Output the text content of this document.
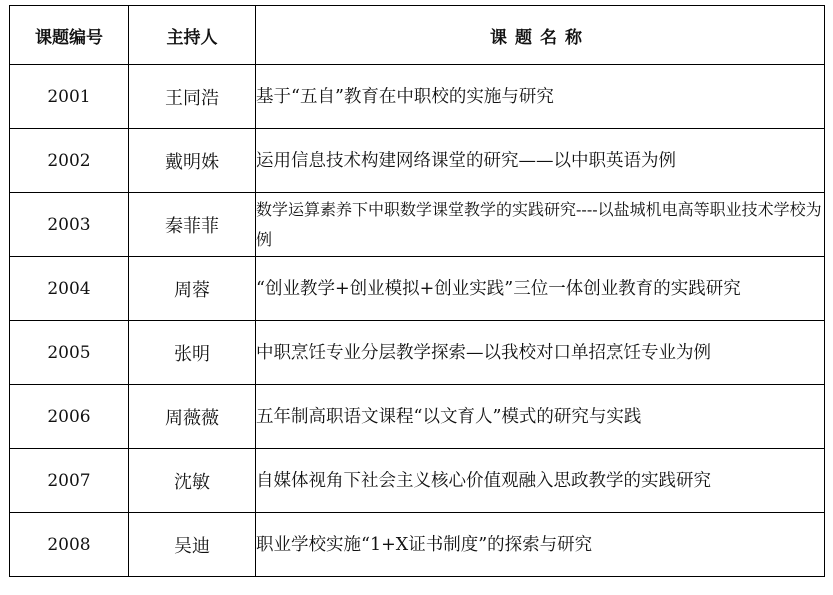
课题编号	主持人	课题名称
2001	王同浩	基于“五自”教育在中职校的实施与研究
2002	戴明姝	运用信息技术构建网络课堂的研究——以中职英语为例
2003	秦菲菲	数学运算素养下中职数学课堂教学的实践研究----以盐城机电高等职业技术学校为例
2004	周蓉	“创业教学+创业模拟+创业实践”三位一体创业教育的实践研究
2005	张明	中职烹饪专业分层教学探索—以我校对口单招烹饪专业为例
2006	周薇薇	五年制高职语文课程“以文育人”模式的研究与实践
2007	沈敏	自媒体视角下社会主义核心价值观融入思政教学的实践研究
2008	吴迪	职业学校实施“1+X证书制度”的探索与研究
